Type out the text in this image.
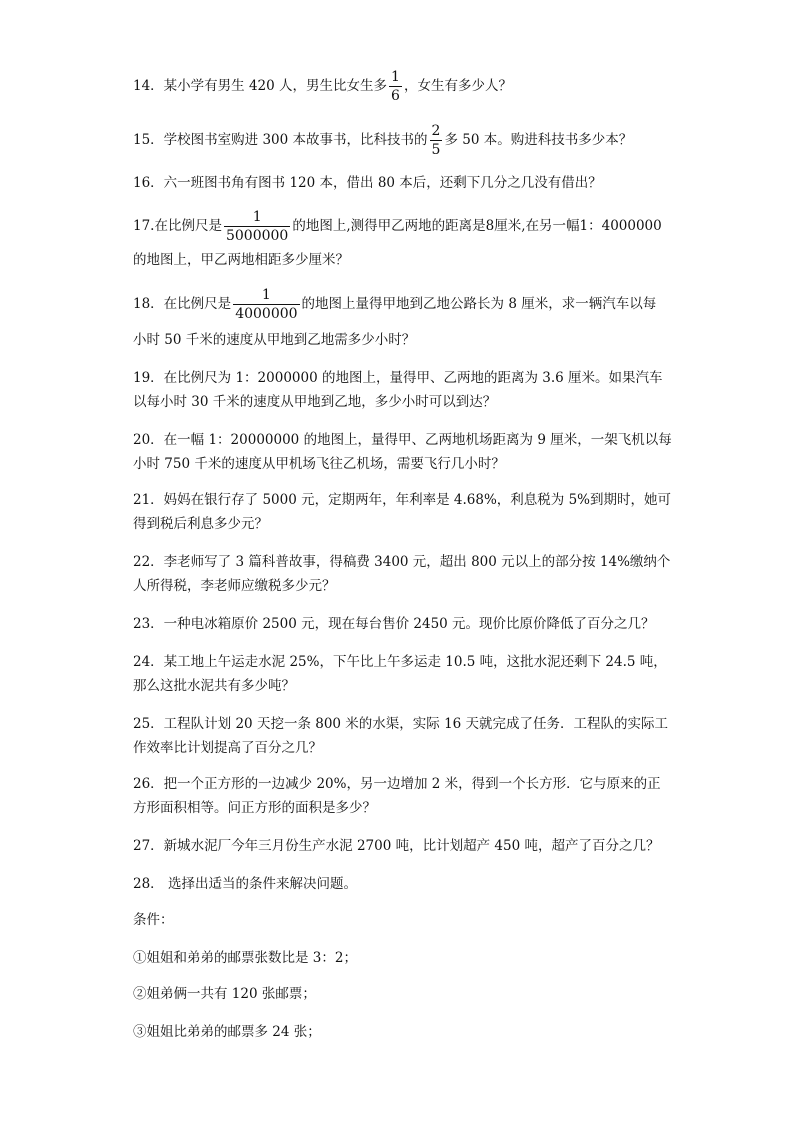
14．某小学有男生 420 人，男生比女生多 $\frac{1}{6}$ ，女生有多少人？
15．学校图书室购进 300 本故事书，比科技书的 $\frac{2}{5}$ 多 50 本。购进科技书多少本？
16．六一班图书角有图书 120 本，借出 80 本后，还剩下几分之几没有借出？
17.在比例尺是 $\frac{1}{5000000}$ 的地图上,测得甲乙两地的距离是8厘米,在另一幅1：4000000
的地图上，甲乙两地相距多少厘米？
18．在比例尺是 $\frac{1}{4000000}$ 的地图上量得甲地到乙地公路长为 8 厘米，求一辆汽车以每
小时 50 千米的速度从甲地到乙地需多少小时？
19．在比例尺为 1：2000000 的地图上，量得甲、乙两地的距离为 3.6 厘米。如果汽车
以每小时 30 千米的速度从甲地到乙地，多少小时可以到达？
20．在一幅 1：20000000 的地图上，量得甲、乙两地机场距离为 9 厘米，一架飞机以每
小时 750 千米的速度从甲机场飞往乙机场，需要飞行几小时？
21．妈妈在银行存了 5000 元，定期两年，年利率是 4.68%，利息税为 5%到期时，她可
得到税后利息多少元？
22．李老师写了 3 篇科普故事，得稿费 3400 元，超出 800 元以上的部分按 14%缴纳个
人所得税，李老师应缴税多少元？
23．一种电冰箱原价 2500 元，现在每台售价 2450 元。现价比原价降低了百分之几？
24．某工地上午运走水泥 25%，下午比上午多运走 10.5 吨，这批水泥还剩下 24.5 吨，
那么这批水泥共有多少吨？
25．工程队计划 20 天挖一条 800 米的水渠，实际 16 天就完成了任务．工程队的实际工
作效率比计划提高了百分之几？
26．把一个正方形的一边减少 20%，另一边增加 2 米，得到一个长方形．它与原来的正
方形面积相等。问正方形的面积是多少？
27．新城水泥厂今年三月份生产水泥 2700 吨，比计划超产 450 吨，超产了百分之几？
28． 选择出适当的条件来解决问题。
条件：
①姐姐和弟弟的邮票张数比是 3：2；
②姐弟俩一共有 120 张邮票；
③姐姐比弟弟的邮票多 24 张；
